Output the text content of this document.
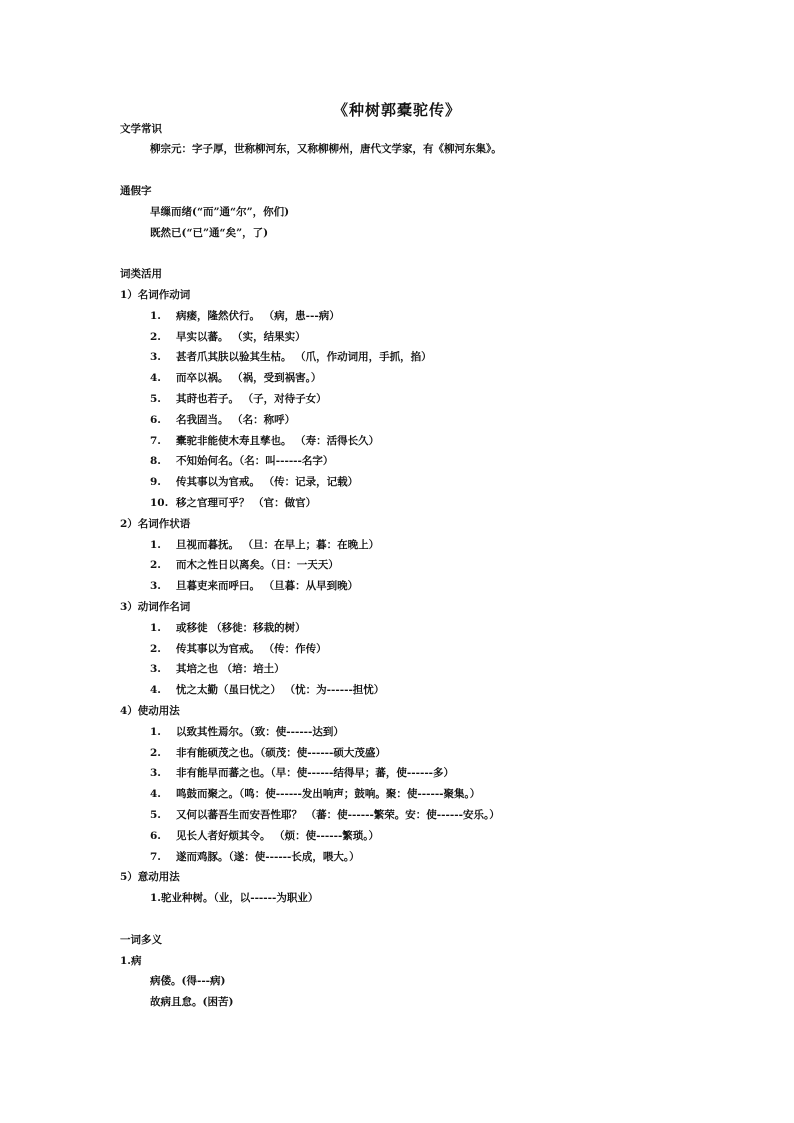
《种树郭橐驼传》
文学常识
柳宗元：字子厚，世称柳河东，又称柳柳州，唐代文学家，有《柳河东集》。
通假字
早缫而绪(“而”通“尔”，你们)
既然已(“已”通“矣”，了)
词类活用
1）名词作动词
1. 病瘘，隆然伏行。 （病，患---病）
2. 早实以蕃。 （实，结果实）
3. 甚者爪其肤以验其生枯。 （爪，作动词用，手抓，掐）
4. 而卒以祸。 （祸，受到祸害。）
5. 其莳也若子。 （子，对待子女）
6. 名我固当。 （名：称呼）
7. 橐驼非能使木寿且孳也。 （寿：活得长久）
8. 不知始何名。（名：叫------名字）
9. 传其事以为官戒。 （传：记录，记载）
10. 移之官理可乎？ （官：做官）
2）名词作状语
1. 旦视而暮抚。 （旦：在早上；暮：在晚上）
2. 而木之性日以离矣。（日：一天天）
3. 旦暮吏来而呼曰。 （旦暮：从早到晚）
3）动词作名词
1. 或移徙 （移徙：移栽的树）
2. 传其事以为官戒。 （传：作传）
3. 其培之也 （培：培土）
4. 忧之太勤（虽曰忧之） （忧：为------担忧）
4）使动用法
1. 以致其性焉尔。（致：使------达到）
2. 非有能硕茂之也。（硕茂：使------硕大茂盛）
3. 非有能早而蕃之也。（早：使------结得早；蕃，使------多）
4. 鸣鼓而聚之。（鸣：使------发出响声；鼓响。聚：使------聚集。）
5. 又何以蕃吾生而安吾性耶？ （蕃：使------繁荣。安：使------安乐。）
6. 见长人者好烦其令。 （烦：使------繁琐。）
7. 遂而鸡豚。（遂：使------长成，喂大。）
5）意动用法
1.驼业种树。（业，以------为职业）
一词多义
1.病
病偻。(得---病)
故病且怠。(困苦)
